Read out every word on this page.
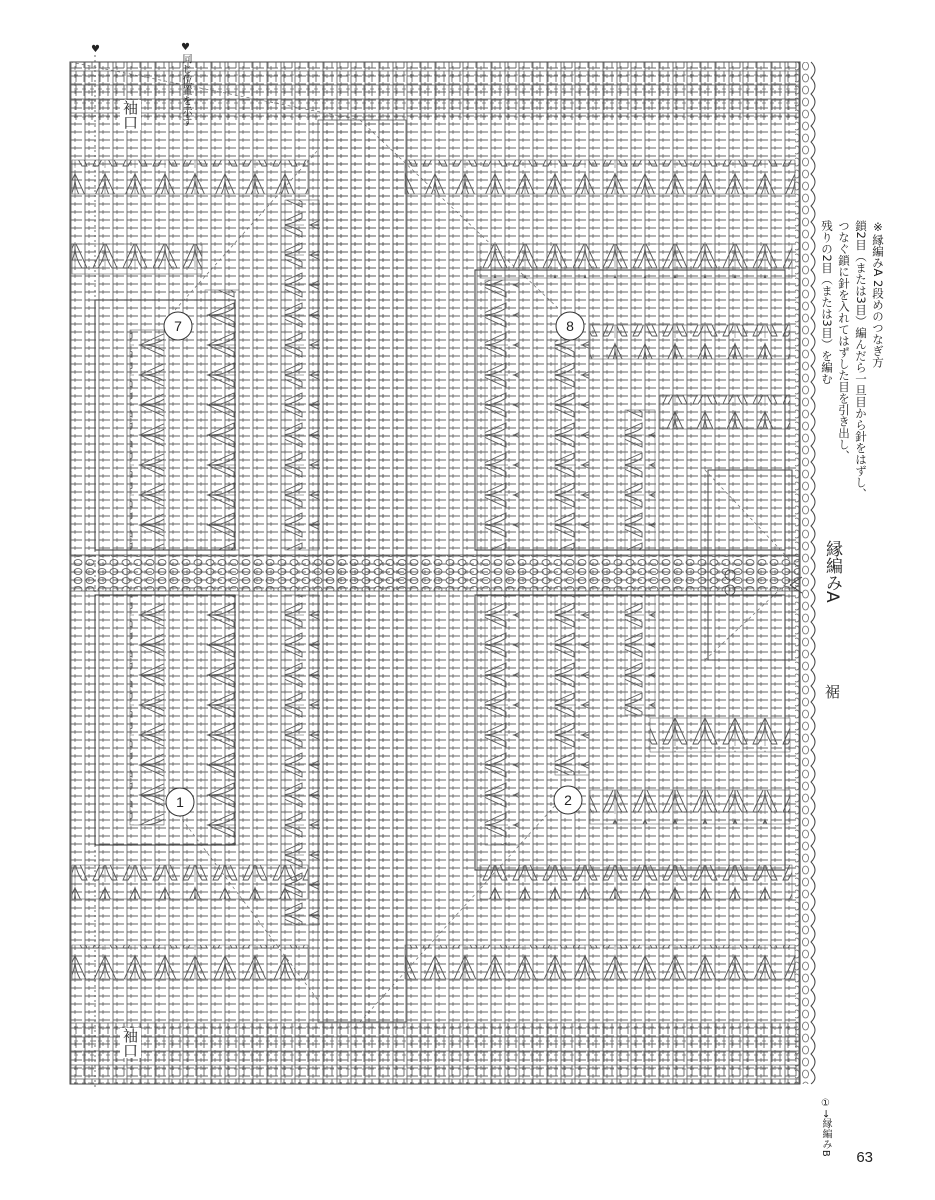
7	8
1	2
♥同じ位置を示す
♥
袖口
袖口
裾
縁編みA
※縁編みA 2段めのつなぎ方
鎖2目（または3目）編んだら一旦目から針をはずし、
つなぐ鎖に針を入れてはずした目を引き出し、
残りの2目（または3目）を編む
①→縁編みB
63
